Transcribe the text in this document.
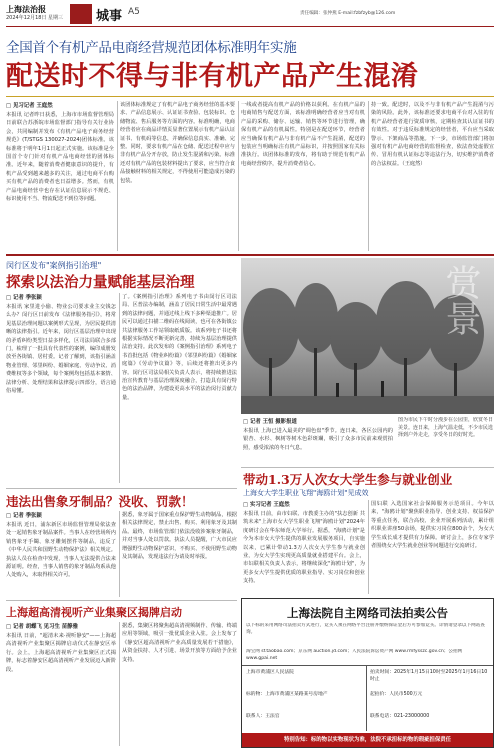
上海法治报
2024年12月18日 星期三	城事 A5	责任编辑：张仲燕 E-mail:fzbfzyb@126.com
全国首个有机产品电商经营规范团体标准明年实施
配送时不得与非有机产品产生混淆
□ 见习记者 王庭然
本报讯 记者昨日获悉，上海市市场监督管理局日前联合苏浙皖市场监督部门指导有关行业协会，共同编制并发布《有机产品电子商务经营规范》(T/STGS 130027-2024)团体标准。该标准将于明年1月1日起正式实施。该标准是全国首个专门针对有机产品电商经营的团体标准。近年来，随着消费者健康意识的提升，有机产品受到越来越多的关注，通过电商平台购买有机产品的消费者也日益增多。然而，有机产品电商经营中也存在认证信息展示不规范、标识使用不当、物流配送不到位等问题。
该团体标准规定了有机产品电子商务经营的基本要求、产品信息展示、认证证书查验、包装标识、仓储物流、售后服务等方面的内容。标准明确，电商经营者应在商品详情页显著位置展示有机产品认证证书、有机码等信息，并确保信息真实、准确、完整。同时，要求有机产品在仓储、配送过程中应与非有机产品分开存放，防止发生混淆和污染。标准还对有机产品的包装材料提出了要求，应当符合食品接触材料的相关规定，不得使用可能造成污染的包装。
一线或者提高有机产品的价格以获利。在有机产品的电商销售与配送方面，该标准明确经营者应当对有机产品的采购、储存、运输、销售等环节进行管理，确保有机产品的有机属性。特别是在配送环节，经营者应当确保有机产品与非有机产品不产生混淆，配送的包装应当明确标注有机产品标识，并按照国家有关标准执行。该团体标准的发布，将有助于规范有机产品电商经营秩序，提升消费者信心。
持一致。配送时，以及不与非有机产品产生混淆与污染的风险。此外，该标准还要求电商平台对入驻的有机产品经营者进行资质审核，定期检查其认证证书的有效性。对于违反标准规定的经营者，平台应当采取警示、下架商品等措施。下一步，市场监管部门将加强对有机产品电商经营的监督检查，依法查处虚假宣传、冒用有机认证标志等违法行为，切实维护消费者的合法权益。（王庭然）
闵行区发布"案例指引治理"
探索以法治力量赋能基层治理
□ 记者 季张颖
本报讯 家里进小偷、物业公司要求业主交钱怎么办？闵行区日前发布《法律服务指引》，将常见基层治理问题以案例形式呈现，为居民提供清晰的法律指引。近年来，闵行区基层治理中出现的矛盾纠纷类型日益多样化，区司法局联合多部门，梳理了一批具有代表性的案例，编印成册发放至各街镇、居村委。记者了解到，该指引涵盖物业管理、邻里纠纷、婚姻家庭、劳动争议、消费维权等多个领域，每个案例均包括基本案情、法律分析、处理结果和法律提示四部分，语言通俗易懂。
了。《案例指引治理》系列电子书由闵行区司法局、区普法办编制，涵盖了居民日常生活中最常遇到的法律问题，并通过线上线下多种渠道推广。居民可以通过扫描二维码在线阅读，也可在各街镇公共法律服务工作站领取纸质版。该系列电子书还将根据实际情况不断更新完善，持续为基层治理提供法治支持。此次发布的《案例指引治理》系列电子书首批包括《物业纠纷篇》《邻里纠纷篇》《婚姻家庭篇》《劳动争议篇》等，后续还将推出更多内容。闵行区司法局相关负责人表示，将持续推进法治宣传教育与基层治理深度融合，打造具有闵行特色的法治品牌，为建设更高水平的法治闵行贡献力量。
赏景
□ 记者 王恒 摄影报道
本报讯 上海已进入最美的"调色盘"季节。连日来，各区公园内的银杏、水杉、枫树等树木色彩斑斓，吸引了众多市民前来观赏拍照，感受浓浓的冬日气息。
图为市民下午时分漫步在公园里，欣赏冬日美景。连日来，上海气温走低，不少市民选择到户外走走，享受冬日的好时光。
带动1.3万人次女大学生参与就业创业
上海女大学生职业飞翔"海鸥计划"见成效
□ 实习记者 王庭然
本报讯 日前，由市妇联、市教委主办的"扶志创新 共筑未来"上海市女大学生职业飞翔"海鸥计划"2024年度研讨会在华东师范大学举行。据悉，"海鸥计划"是今为本市女大学生提供的职业发展服务项目，自实施以来，已累计带动1.3万人次女大学生参与就业创业，为女大学生实现更高质量就业搭建平台。会上，市妇联相关负责人表示，将继续深化"海鸥计划"，为更多女大学生提供优质的职业指导、实习岗位和创业支持。
国妇联 入选国家社会保障服务示范项目。今年以来，"海鸥计划"聚焦职业指导、创业支持、权益保护等重点任务，联合高校、企业开展系列活动，累计组织职业讲座50余场，提供实习岗位800余个，为女大学生成长成才提供有力保障。研讨会上，多位专家学者围绕女大学生就业创业等问题进行交流研讨。
违法出售象牙制品？没收、罚款！
□ 记者 季张颖
本报讯 近日，浦东新区市场监督管理局依法查处一起销售象牙制品案件。当事人在经营场所内销售象牙手镯、象牙雕刻摆件等制品，违反了《中华人民共和国野生动物保护法》相关规定。执法人员在检查中发现，当事人无法提供合法来源证明。经查，当事人销售的象牙制品均系从他人处购入，未取得相关许可。
据悉，象牙属于国家重点保护野生动物制品，根据相关法律规定，禁止出售、购买、利用象牙及其制品。最终，市场监管部门依法没收涉案象牙制品，并对当事人处以罚款。执法人员提醒，广大市民应增强野生动物保护意识，不购买、不使用野生动物及其制品，发现违法行为请及时举报。
上海超高清视听产业集聚区揭牌启动
□ 记者 胡蝶飞 见习生 苗静雅
本报讯 日前，"超清未来·视听静安"——上海超高清视听产业集聚区揭牌启动仪式在静安区举行。会上，上海超高清视听产业集聚区正式揭牌，标志着静安区超高清视听产业发展迈入新阶段。
据悉，集聚区将聚焦超高清视频制作、传输、终端应用等领域，吸引一批优质企业入驻。会上发布了《静安区超高清视听产业高质量发展若干措施》，从资金扶持、人才引进、场景开放等方面给予企业支持。
上海法院自主网络司法拍卖公告
以下标的采用网络司法拍卖方式进行，竞买人须在网络平台注册并缴纳保证金后方可参加竞买。详情请登录以下网站查询。
淘宝网 sf.taobao.com；京东网 auction.jd.com；人民法院诉讼资产网 www.rmfysszc.gov.cn；公拍网 www.gpai.net
上海市黄浦区人民法院	拍卖时间：2025年1月15日10时至2025年1月16日10时止
标的物：上海市黄浦区某路某号房地产	起拍价：人民币500万元
联系人：王法官	联系电话：021-23000000
特别告知：标的物以实物现状为准，法院不承担标的物的瑕疵担保责任
